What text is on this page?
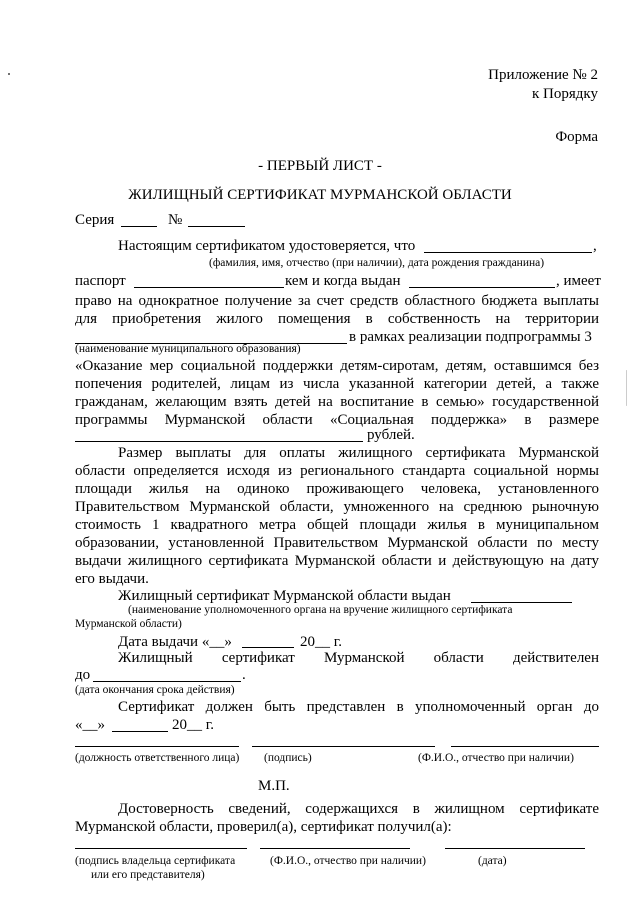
Приложение № 2
к Порядку
Форма
- ПЕРВЫЙ ЛИСТ -
ЖИЛИЩНЫЙ СЕРТИФИКАТ МУРМАНСКОЙ ОБЛАСТИ
Серия	№
Настоящим сертификатом удостоверяется, что	,
(фамилия, имя, отчество (при наличии), дата рождения гражданина)
паспорт	кем и когда выдан	, имеет
право на однократное получение за счет средств областного бюджета выплаты
для приобретения жилого помещения в собственность на территории
в рамках реализации подпрограммы 3
(наименование муниципального образования)
«Оказание мер социальной поддержки детям-сиротам, детям, оставшимся без
попечения родителей, лицам из числа указанной категории детей, а также
гражданам, желающим взять детей на воспитание в семью» государственной
программы Мурманской области «Социальная поддержка» в размере
рублей.
Размер выплаты для оплаты жилищного сертификата Мурманской
области определяется исходя из регионального стандарта социальной нормы
площади жилья на одиноко проживающего человека, установленного
Правительством Мурманской области, умноженного на среднюю рыночную
стоимость 1 квадратного метра общей площади жилья в муниципальном
образовании, установленной Правительством Мурманской области по месту
выдачи жилищного сертификата Мурманской области и действующую на дату
его выдачи.
Жилищный сертификат Мурманской области выдан
(наименование уполномоченного органа на вручение жилищного сертификата
Мурманской области)
Дата выдачи «__»	20__ г.
Жилищный сертификат Мурманской области действителен
до	.
(дата окончания срока действия)
Сертификат должен быть представлен в уполномоченный орган до
«__»	20__ г.
(должность ответственного лица) (подпись)	(Ф.И.О., отчество при наличии)
М.П.
Достоверность сведений, содержащихся в жилищном сертификате
Мурманской области, проверил(а), сертификат получил(а):
(подпись владельца сертификата
или его представителя)
(Ф.И.О., отчество при наличии)	(дата)
